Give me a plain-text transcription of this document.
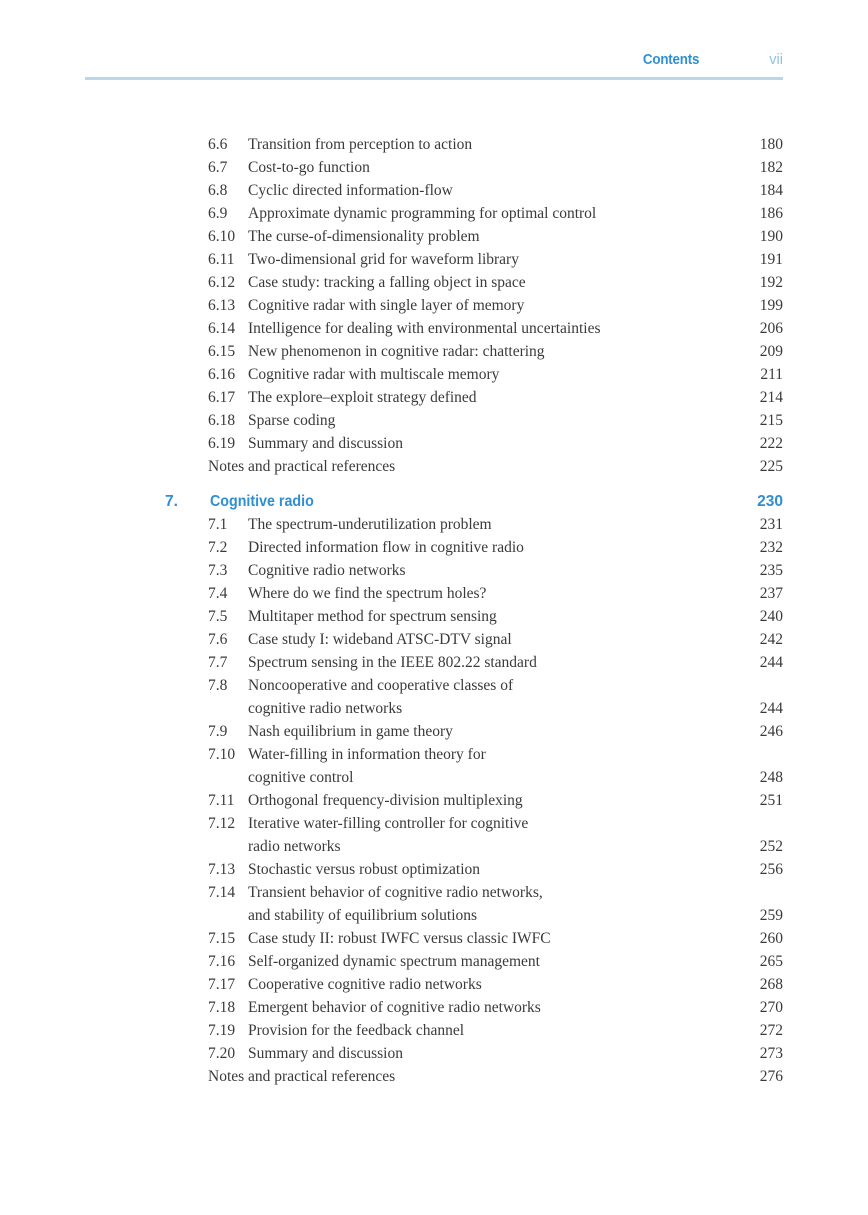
Contents	vii
6.6 Transition from perception to action	180
6.7 Cost-to-go function	182
6.8 Cyclic directed information-flow	184
6.9 Approximate dynamic programming for optimal control	186
6.10 The curse-of-dimensionality problem	190
6.11 Two-dimensional grid for waveform library	191
6.12 Case study: tracking a falling object in space	192
6.13 Cognitive radar with single layer of memory	199
6.14 Intelligence for dealing with environmental uncertainties	206
6.15 New phenomenon in cognitive radar: chattering	209
6.16 Cognitive radar with multiscale memory	211
6.17 The explore–exploit strategy defined	214
6.18 Sparse coding	215
6.19 Summary and discussion	222
Notes and practical references	225
7. Cognitive radio	230
7.1 The spectrum-underutilization problem	231
7.2 Directed information flow in cognitive radio	232
7.3 Cognitive radio networks	235
7.4 Where do we find the spectrum holes?	237
7.5 Multitaper method for spectrum sensing	240
7.6 Case study I: wideband ATSC-DTV signal	242
7.7 Spectrum sensing in the IEEE 802.22 standard	244
7.8 Noncooperative and cooperative classes of
cognitive radio networks	244
7.9 Nash equilibrium in game theory	246
7.10 Water-filling in information theory for
cognitive control	248
7.11 Orthogonal frequency-division multiplexing	251
7.12 Iterative water-filling controller for cognitive
radio networks	252
7.13 Stochastic versus robust optimization	256
7.14 Transient behavior of cognitive radio networks,
and stability of equilibrium solutions	259
7.15 Case study II: robust IWFC versus classic IWFC	260
7.16 Self-organized dynamic spectrum management	265
7.17 Cooperative cognitive radio networks	268
7.18 Emergent behavior of cognitive radio networks	270
7.19 Provision for the feedback channel	272
7.20 Summary and discussion	273
Notes and practical references	276
